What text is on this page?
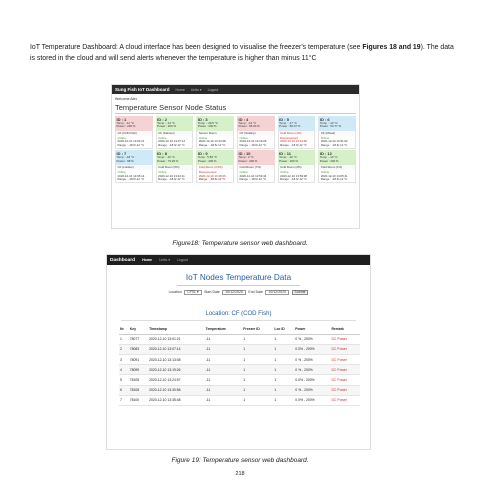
IoT Temperature Dashboard: A cloud interface has been designed to visualise the freezer's temperature (see Figures 18 and 19). The data is stored in the cloud and will send alerts whenever the temperature is higher than minus 11°C

Sung Fish IoT Dashboard Home Units ▾ Logout
Welcome Alex
Temperature Sensor Node Status
ID : 1
Temp : -11 °C
Power : 200 %
CF (COD Fish)
Online
2020-12-10 13:01:21
Range : -18.6/-12 °C
ID : 2
Temp : -13 °C
Power : 200 %
CF (Salmon)
Online
2020-12-10 13:07:14
Range : -18.6/-12 °C
ID : 3
Temp : -29.5 °C
Power : 200 %
Sensor Room
Online
2020-12-10 13:13:08
Range : -18.6/-12 °C
ID : 4
Temp : -13 °C
Power : 95.00 %
CF (Scallop)
Online
2020-12-10 13:19:26
Range : -18.6/-12 °C
ID : 5
Temp : -17 °C
Power : 80.07 %
Cold Room (1%)
Disconnected
2020-12-10 23:44:50
Range : -18.6/-12 °C
ID : 6
Temp : -13 °C
Power : 53.77 %
CF (Mixed)
Online
2020-12-10 13:31:02
Range : -18.6/-12 °C
ID : 7
Temp : -18 °C
Power : 98 %
CF (Lobster)
Online
2020-12-10 13:36:14
Range : -18.6/-12 °C
ID : 8
Temp : -16 °C
Power : 73.29 %
Cold Room (5%)
Online
2020-12-10 13:42:11
Range : -18.6/-12 °C
ID : 9
Temp : 5.83 °C
Power : 200 %
Cold Room (4.5%)
Disconnected
2020-12-10 13:48:06
Range : -18.6/-12 °C
ID : 10
Temp : 2 °C
Power : 200 %
Cold Room (7%)
Online
2020-12-10 13:53:44
Range : -18.6/-12 °C
ID : 11
Temp : -16 °C
Power : 200 %
Cold Room (2%)
Online
2020-12-10 13:59:38
Range : -18.6/-12 °C
ID : 12
Temp : -13 °C
Power : 200 %
Cold Room (1%)
Online
2020-12-10 14:05:41
Range : -18.6/-12 °C
Figure18: Temperature sensor web dashboard.
Dashboard Home Units ▾ Logout
IoT Nodes Temperature Data
Location	CF01 ▾	Start Date	10/12/2020	End Date	10/12/2020	Submit
Location: CF (COD Fish)
Nr	Key	Timestamp	Temperature	Freezer ID	Loc ID	Power	Remark
1	78077	2020-12-10 13:01:21	-11	1	1	0 % - 200%	DC Power
2	78083	2020-12-10 13:07:14	-11	1	1	0.0% - 200%	DC Power
3	78091	2020-12-10 13:13:08	-11	1	1	0 % - 200%	DC Power
4	78099	2020-12-10 13:19:26	-11	1	1	0 % - 200%	DC Power
5	78105	2020-12-10 13:24:57	-11	1	1	0.0% - 200%	DC Power
6	78108	2020-12-10 13:30:56	-11	1	1	0 % - 200%	DC Power
7	78100	2020-12-10 13:35:48	-11	1	1	0.0% - 200%	DC Power
Figure 19: Temperature sensor web dashboard.
218
